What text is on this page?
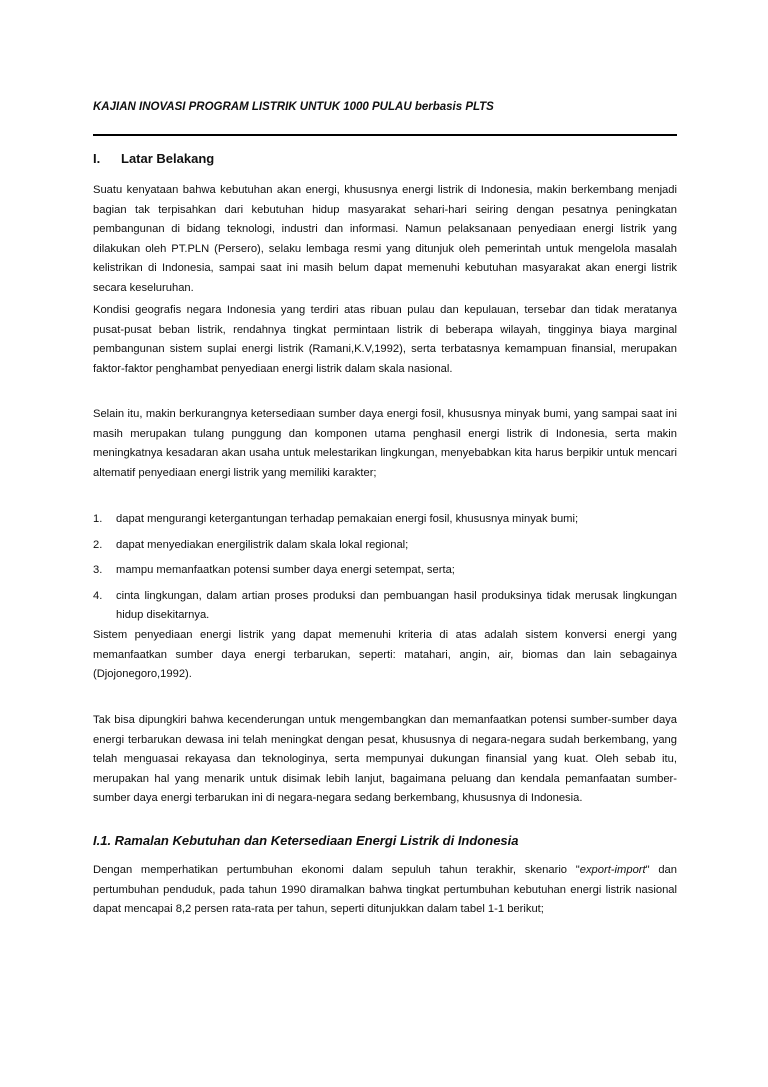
KAJIAN INOVASI PROGRAM LISTRIK UNTUK 1000 PULAU berbasis PLTS
I. Latar Belakang

Suatu kenyataan bahwa kebutuhan akan energi, khususnya energi listrik di Indonesia, makin berkembang menjadi bagian tak terpisahkan dari kebutuhan hidup masyarakat sehari-hari seiring dengan pesatnya peningkatan pembangunan di bidang teknologi, industri dan informasi. Namun pelaksanaan penyediaan energi listrik yang dilakukan oleh PT.PLN (Persero), selaku lembaga resmi yang ditunjuk oleh pemerintah untuk mengelola masalah kelistrikan di Indonesia, sampai saat ini masih belum dapat memenuhi kebutuhan masyarakat akan energi listrik secara keseluruhan.

Kondisi geografis negara Indonesia yang terdiri atas ribuan pulau dan kepulauan, tersebar dan tidak meratanya pusat-pusat beban listrik, rendahnya tingkat permintaan listrik di beberapa wilayah, tingginya biaya marginal pembangunan sistem suplai energi listrik (Ramani,K.V,1992), serta terbatasnya kemampuan finansial, merupakan faktor-faktor penghambat penyediaan energi listrik dalam skala nasional.

Selain itu, makin berkurangnya ketersediaan sumber daya energi fosil, khususnya minyak bumi, yang sampai saat ini masih merupakan tulang punggung dan komponen utama penghasil energi listrik di Indonesia, serta makin meningkatnya kesadaran akan usaha untuk melestarikan lingkungan, menyebabkan kita harus berpikir untuk mencari altematif penyediaan energi listrik yang memiliki karakter;

1. dapat mengurangi ketergantungan terhadap pemakaian energi fosil, khususnya minyak bumi;
2. dapat menyediakan energilistrik dalam skala lokal regional;
3. mampu memanfaatkan potensi sumber daya energi setempat, serta;
4. cinta lingkungan, dalam artian proses produksi dan pembuangan hasil produksinya tidak merusak lingkungan hidup disekitarnya.

Sistem penyediaan energi listrik yang dapat memenuhi kriteria di atas adalah sistem konversi energi yang memanfaatkan sumber daya energi terbarukan, seperti: matahari, angin, air, biomas dan lain sebagainya (Djojonegoro,1992).

Tak bisa dipungkiri bahwa kecenderungan untuk mengembangkan dan memanfaatkan potensi sumber-sumber daya energi terbarukan dewasa ini telah meningkat dengan pesat, khususnya di negara-negara sudah berkembang, yang telah menguasai rekayasa dan teknologinya, serta mempunyai dukungan finansial yang kuat. Oleh sebab itu, merupakan hal yang menarik untuk disimak lebih lanjut, bagaimana peluang dan kendala pemanfaatan sumber-sumber daya energi terbarukan ini di negara-negara sedang berkembang, khususnya di Indonesia.

I.1. Ramalan Kebutuhan dan Ketersediaan Energi Listrik di Indonesia

Dengan memperhatikan pertumbuhan ekonomi dalam sepuluh tahun terakhir, skenario "export-import" dan pertumbuhan penduduk, pada tahun 1990 diramalkan bahwa tingkat pertumbuhan kebutuhan energi listrik nasional dapat mencapai 8,2 persen rata-rata per tahun, seperti ditunjukkan dalam tabel 1-1 berikut;
